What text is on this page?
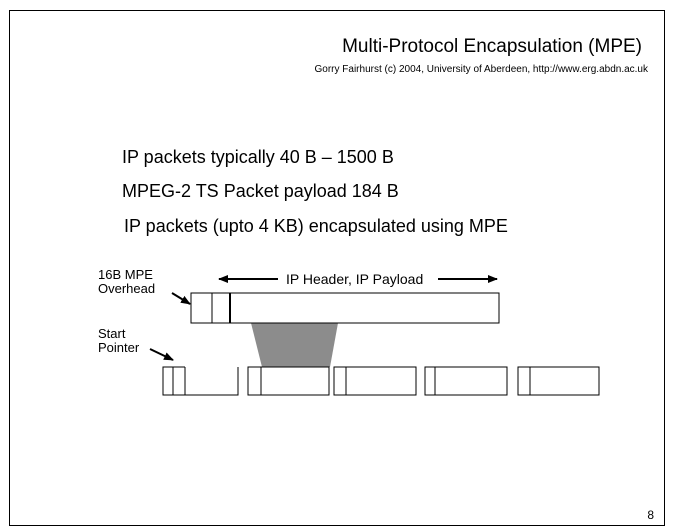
Multi-Protocol Encapsulation (MPE)
Gorry Fairhurst (c) 2004, University of Aberdeen, http://www.erg.abdn.ac.uk
IP packets typically 40 B – 1500 B
MPEG-2 TS Packet payload 184 B
IP packets (upto 4 KB) encapsulated using MPE
16B MPE
Overhead
IP Header, IP Payload
Start
Pointer
8
